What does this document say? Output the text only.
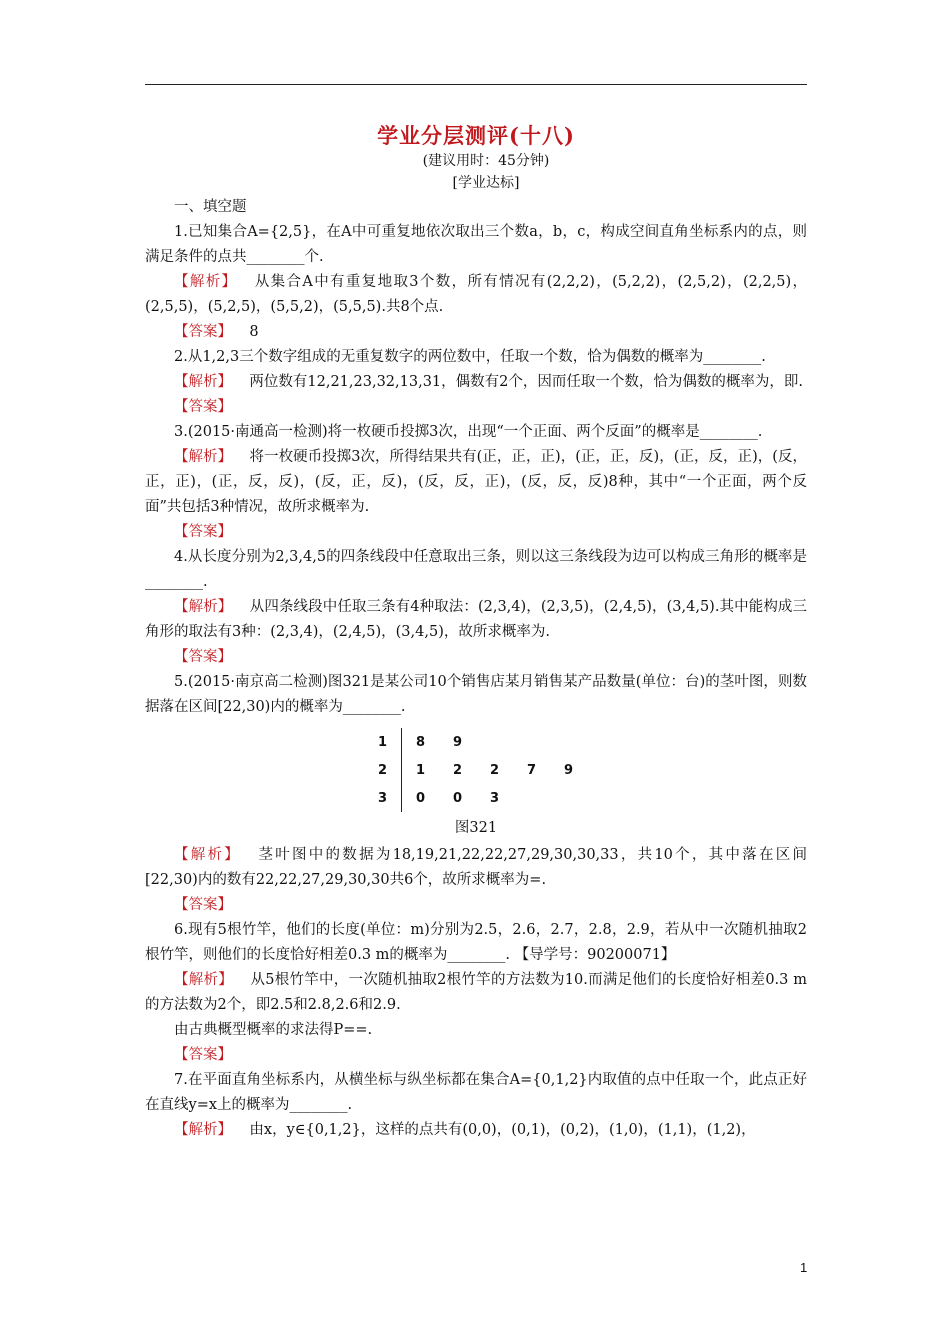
学业分层测评(十八)
(建议用时：45分钟)
[学业达标]

一、填空题

1.已知集合A={2,5}，在A中可重复地依次取出三个数a，b，c，构成空间直角坐标系内的点，则满足条件的点共________个.

【解析】 从集合A中有重复地取3个数，所有情况有(2,2,2)，(5,2,2)，(2,5,2)，(2,2,5)，(2,5,5)，(5,2,5)，(5,5,2)，(5,5,5).共8个点.

【答案】 8

2.从1,2,3三个数字组成的无重复数字的两位数中，任取一个数，恰为偶数的概率为________.

【解析】 两位数有12,21,23,32,13,31，偶数有2个，因而任取一个数，恰为偶数的概率为，即.

【答案】

3.(2015·南通高一检测)将一枚硬币投掷3次，出现“一个正面、两个反面”的概率是________.

【解析】 将一枚硬币投掷3次，所得结果共有(正，正，正)，(正，正，反)，(正，反，正)，(反，正，正)，(正，反，反)，(反，正，反)，(反，反，正)，(反，反，反)8种，其中“一个正面，两个反面”共包括3种情况，故所求概率为.

【答案】

4.从长度分别为2,3,4,5的四条线段中任意取出三条，则以这三条线段为边可以构成三角形的概率是________.

【解析】 从四条线段中任取三条有4种取法：(2,3,4)，(2,3,5)，(2,4,5)，(3,4,5).其中能构成三角形的取法有3种：(2,3,4)，(2,4,5)，(3,4,5)，故所求概率为.

【答案】

5.(2015·南京高二检测)图321是某公司10个销售店某月销售某产品数量(单位：台)的茎叶图，则数据落在区间[22,30)内的概率为________.

1	8	9			
2	1	2	2	7	9
3	0	0	3		
图321

【解析】 茎叶图中的数据为18,19,21,22,22,27,29,30,30,33，共10个，其中落在区间[22,30)内的数有22,22,27,29,30,30共6个，故所求概率为=.

【答案】

6.现有5根竹竿，他们的长度(单位：m)分别为2.5，2.6，2.7，2.8，2.9，若从中一次随机抽取2根竹竿，则他们的长度恰好相差0.3 m的概率为________. 【导学号：90200071】

【解析】 从5根竹竿中，一次随机抽取2根竹竿的方法数为10.而满足他们的长度恰好相差0.3 m的方法数为2个，即2.5和2.8,2.6和2.9.

由古典概型概率的求法得P==.

【答案】

7.在平面直角坐标系内，从横坐标与纵坐标都在集合A={0,1,2}内取值的点中任取一个，此点正好在直线y=x上的概率为________.

【解析】 由x，y∈{0,1,2}，这样的点共有(0,0)，(0,1)，(0,2)，(1,0)，(1,1)，(1,2)，

1
